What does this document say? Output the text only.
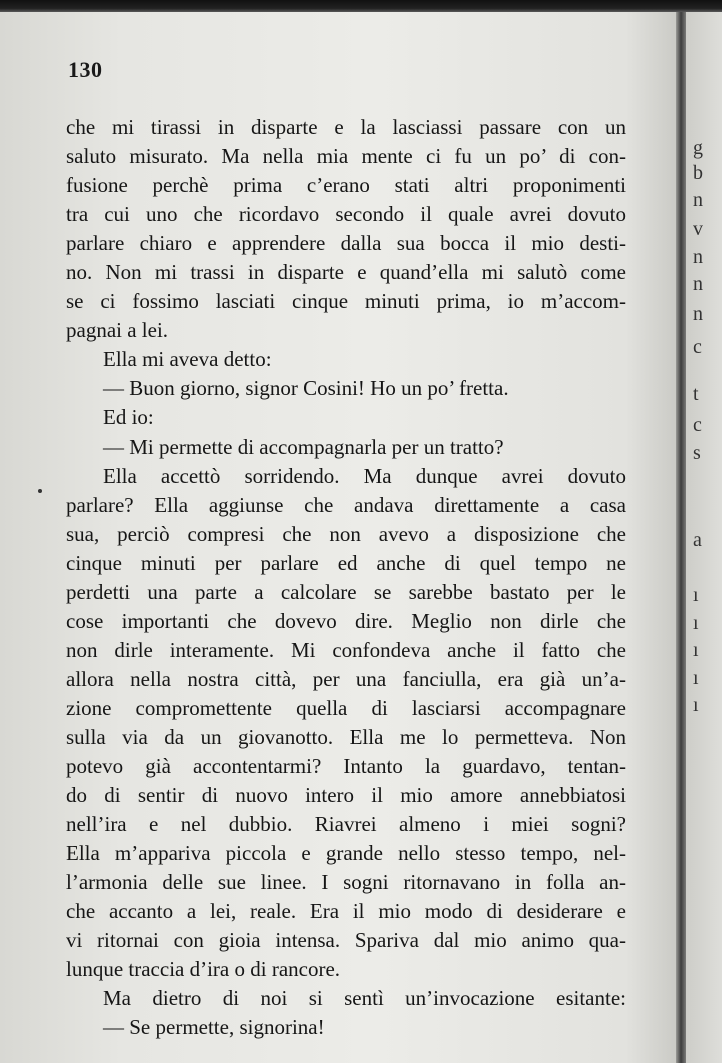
130
che mi tirassi in disparte e la lasciassi passare con un
saluto misurato. Ma nella mia mente ci fu un po’ di con-
fusione perchè prima c’erano stati altri proponimenti
tra cui uno che ricordavo secondo il quale avrei dovuto
parlare chiaro e apprendere dalla sua bocca il mio desti-
no. Non mi trassi in disparte e quand’ella mi salutò come
se ci fossimo lasciati cinque minuti prima, io m’accom-
pagnai a lei.
Ella mi aveva detto:
— Buon giorno, signor Cosini! Ho un po’ fretta.
Ed io:
— Mi permette di accompagnarla per un tratto?
Ella accettò sorridendo. Ma dunque avrei dovuto
parlare? Ella aggiunse che andava direttamente a casa
sua, perciò compresi che non avevo a disposizione che
cinque minuti per parlare ed anche di quel tempo ne
perdetti una parte a calcolare se sarebbe bastato per le
cose importanti che dovevo dire. Meglio non dirle che
non dirle interamente. Mi confondeva anche il fatto che
allora nella nostra città, per una fanciulla, era già un’a-
zione compromettente quella di lasciarsi accompagnare
sulla via da un giovanotto. Ella me lo permetteva. Non
potevo già accontentarmi? Intanto la guardavo, tentan-
do di sentir di nuovo intero il mio amore annebbiatosi
nell’ira e nel dubbio. Riavrei almeno i miei sogni?
Ella m’appariva piccola e grande nello stesso tempo, nel-
l’armonia delle sue linee. I sogni ritornavano in folla an-
che accanto a lei, reale. Era il mio modo di desiderare e
vi ritornai con gioia intensa. Spariva dal mio animo qua-
lunque traccia d’ira o di rancore.
Ma dietro di noi si sentì un’invocazione esitante:
— Se permette, signorina!
g
b
n
v
n
n
n
c
t
c
s
a
ı
ı
ı
ı
ı
